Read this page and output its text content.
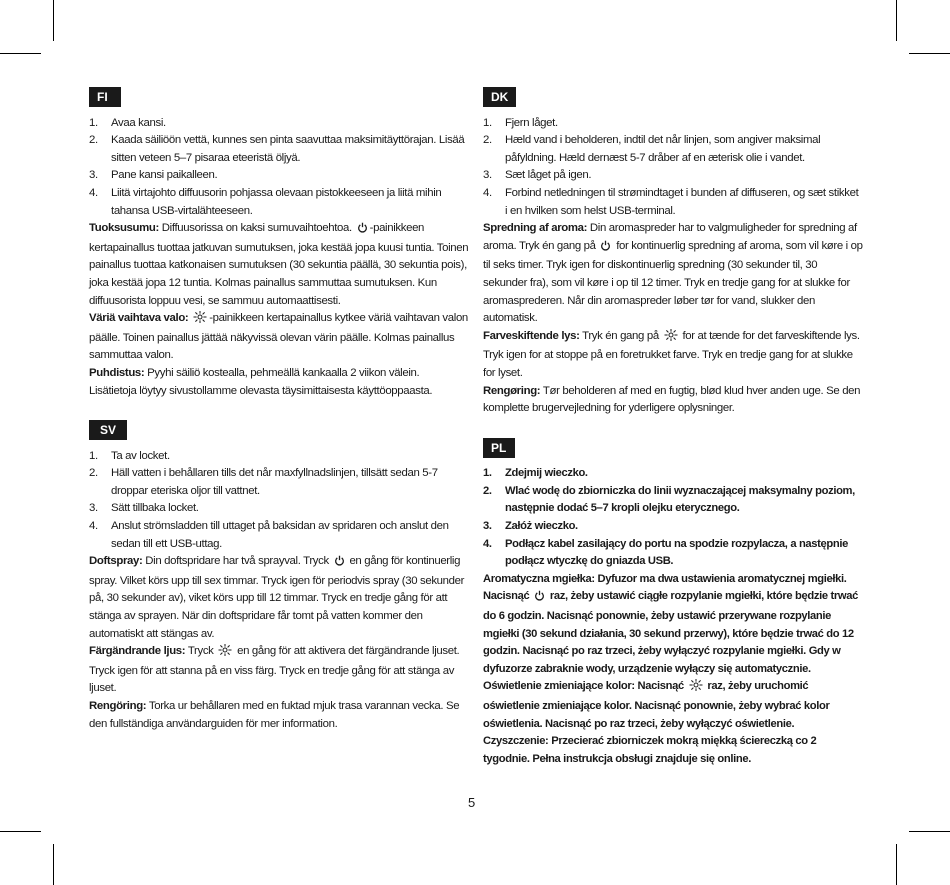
FI
1. Avaa kansi.
2. Kaada säiliöön vettä, kunnes sen pinta saavuttaa maksimitäyttörajan. Lisää sitten veteen 5–7 pisaraa eteeristä öljyä.
3. Pane kansi paikalleen.
4. Liitä virtajohto diffuusorin pohjassa olevaan pistokkeeseen ja liitä mihin tahansa USB-virtalähteeseen.

Tuoksusumu: Diffuusorissa on kaksi sumuvaihtoehtoa. -painikkeen kertapainallus tuottaa jatkuvan sumutuksen, joka kestää jopa kuusi tuntia. Toinen painallus tuottaa katkonaisen sumutuksen (30 sekuntia päällä, 30 sekuntia pois), joka kestää jopa 12 tuntia. Kolmas painallus sammuttaa sumutuksen. Kun diffuusorista loppuu vesi, se sammuu automaattisesti.

Väriä vaihtava valo: -painikkeen kertapainallus kytkee väriä vaihtavan valon päälle. Toinen painallus jättää näkyvissä olevan värin päälle. Kolmas painallus sammuttaa valon.

Puhdistus: Pyyhi säiliö kostealla, pehmeällä kankaalla 2 viikon välein. Lisätietoja löytyy sivustollamme olevasta täysimittaisesta käyttöoppaasta.

SV
1. Ta av locket.
2. Häll vatten i behållaren tills det når maxfyllnadslinjen, tillsätt sedan 5-7 droppar eteriska oljor till vattnet.
3. Sätt tillbaka locket.
4. Anslut strömsladden till uttaget på baksidan av spridaren och anslut den sedan till ett USB-uttag.

Doftspray: Din doftspridare har två sprayval. Tryck  en gång för kontinuerlig spray. Vilket körs upp till sex timmar. Tryck igen för periodvis spray (30 sekunder på, 30 sekunder av), viket körs upp till 12 timmar. Tryck en tredje gång för att stänga av sprayen. När din doftspridare får tomt på vatten kommer den automatiskt att stängas av.

Färgändrande ljus: Tryck  en gång för att aktivera det färgändrande ljuset. Tryck igen för att stanna på en viss färg. Tryck en tredje gång för att stänga av ljuset.

Rengöring: Torka ur behållaren med en fuktad mjuk trasa varannan vecka. Se den fullständiga användarguiden för mer information.

DK
1. Fjern låget.
2. Hæld vand i beholderen, indtil det når linjen, som angiver maksimal påfyldning. Hæld dernæst 5-7 dråber af en æterisk olie i vandet.
3. Sæt låget på igen.
4. Forbind netledningen til strømindtaget i bunden af diffuseren, og sæt stikket i en hvilken som helst USB-terminal.

Spredning af aroma: Din aromaspreder har to valgmuligheder for spredning af aroma. Tryk én gang på  for kontinuerlig spredning af aroma, som vil køre i op til seks timer. Tryk igen for diskontinuerlig spredning (30 sekunder til, 30 sekunder fra), som vil køre i op til 12 timer. Tryk en tredje gang for at slukke for aromasprederen. Når din aromaspreder løber tør for vand, slukker den automatisk.

Farveskiftende lys: Tryk én gang på  for at tænde for det farveskiftende lys. Tryk igen for at stoppe på en foretrukket farve. Tryk en tredje gang for at slukke for lyset.

Rengøring: Tør beholderen af med en fugtig, blød klud hver anden uge. Se den komplette brugervejledning for yderligere oplysninger.

PL
1. Zdejmij wieczko.
2. Wlać wodę do zbiorniczka do linii wyznaczającej maksymalny poziom, następnie dodać 5–7 kropli olejku eterycznego.
3. Załóż wieczko.
4. Podłącz kabel zasilający do portu na spodzie rozpylacza, a następnie podłącz wtyczkę do gniazda USB.

Aromatyczna mgiełka: Dyfuzor ma dwa ustawienia aromatycznej mgiełki. Nacisnąć  raz, żeby ustawić ciągłe rozpylanie mgiełki, które będzie trwać do 6 godzin. Nacisnąć ponownie, żeby ustawić przerywane rozpylanie mgiełki (30 sekund działania, 30 sekund przerwy), które będzie trwać do 12 godzin. Nacisnąć po raz trzeci, żeby wyłączyć rozpylanie mgiełki. Gdy w dyfuzorze zabraknie wody, urządzenie wyłączy się automatycznie.

Oświetlenie zmieniające kolor: Nacisnąć  raz, żeby uruchomić oświetlenie zmieniające kolor. Nacisnąć ponownie, żeby wybrać kolor oświetlenia. Nacisnąć po raz trzeci, żeby wyłączyć oświetlenie.

Czyszczenie: Przecierać zbiorniczek mokrą miękką ściereczką co 2 tygodnie. Pełna instrukcja obsługi znajduje się online.

5
